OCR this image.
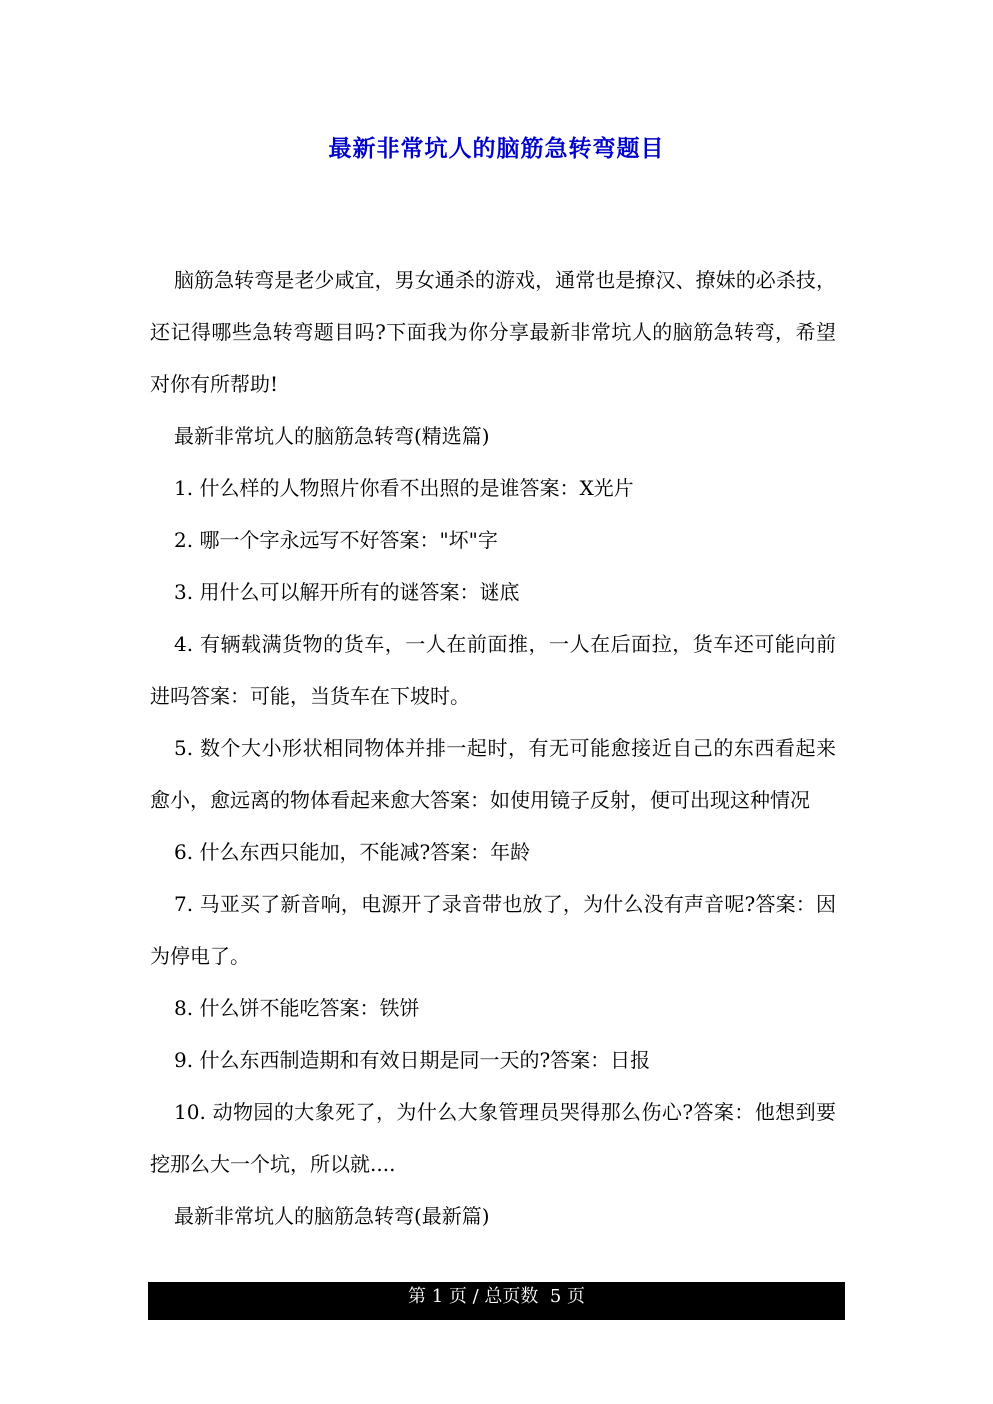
最新非常坑人的脑筋急转弯题目

脑筋急转弯是老少咸宜，男女通杀的游戏，通常也是撩汉、撩妹的必杀技，还记得哪些急转弯题目吗?下面我为你分享最新非常坑人的脑筋急转弯，希望对你有所帮助!

最新非常坑人的脑筋急转弯(精选篇)

1. 什么样的人物照片你看不出照的是谁答案：X光片

2. 哪一个字永远写不好答案："坏"字

3. 用什么可以解开所有的谜答案：谜底

4. 有辆载满货物的货车，一人在前面推，一人在后面拉，货车还可能向前进吗答案：可能，当货车在下坡时。

5. 数个大小形状相同物体并排一起时，有无可能愈接近自己的东西看起来愈小，愈远离的物体看起来愈大答案：如使用镜子反射，便可出现这种情况

6. 什么东西只能加，不能减?答案：年龄

7. 马亚买了新音响，电源开了录音带也放了，为什么没有声音呢?答案：因为停电了。

8. 什么饼不能吃答案：铁饼

9. 什么东西制造期和有效日期是同一天的?答案：日报

10. 动物园的大象死了，为什么大象管理员哭得那么伤心?答案：他想到要挖那么大一个坑，所以就....

最新非常坑人的脑筋急转弯(最新篇)

第 1 页 / 总页数  5 页
